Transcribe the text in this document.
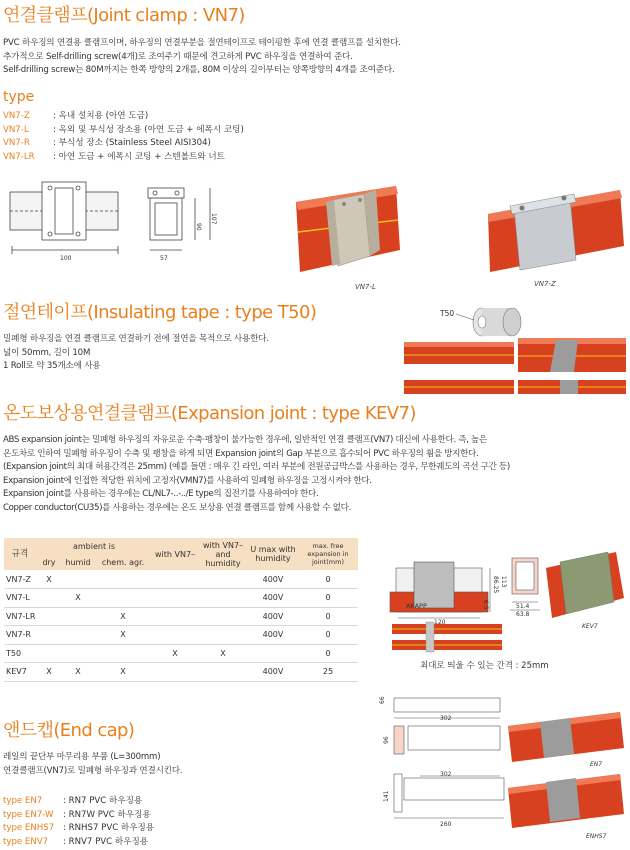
연결클램프(Joint clamp : VN7)
PVC 하우징의 연결용 클램프이며, 하우징의 연결부분을 절연테이프로 테이핑한 후에 연결 클램프를 설치한다.
추가적으로 Self-drilling screw(4개)로 조여주기 때문에 견고하게 PVC 하우징을 연결하여 준다.
Self-drilling screw는 80M까지는 한쪽 방향의 2개를, 80M 이상의 길이부터는 양쪽방향의 4개를 조여준다.
type
VN7-Z	: 옥내 설치용 (아연 도금)
VN7-L	: 옥외 및 부식성 장소용 (아연 도금 + 에폭시 코팅)
VN7-R	: 부식성 장소 (Stainless Steel AISI304)
VN7-LR : 아연 도금 + 에폭시 코팅 + 스텐볼트와 너트
100	57
90
107
VN7-L	VN7-Z
절연테이프(Insulating tape : type T50)
밀폐형 하우징을 연결 클램프로 연결하기 전에 절연을 목적으로 사용한다.
넓이 50mm, 길이 10M
1 Roll로 약 35개소에 사용
T50
온도보상용연결클램프(Expansion joint : type KEV7)
ABS expansion joint는 밀폐형 하우징의 자유로운 수축·팽창이 불가능한 경우에, 일반적인 연결 클램프(VN7) 대신에 사용한다. 즉, 높은
온도차로 인하여 밀폐형 하우징이 수축 및 팽창을 하게 되면 Expansion joint의 Gap 부분으로 흡수되어 PVC 하우징의 휨을 방지한다.
(Expansion joint의 최대 허용간격은 25mm) (예를 들면 : 매우 긴 라인, 여러 부분에 전원공급박스를 사용하는 경우, 무한궤도의 곡선 구간 등)
Expansion joint에 인접한 적당한 위치에 고정자(VMN7)를 사용하여 밀폐형 하우징을 고정시켜야 한다.
Expansion joint를 사용하는 경우에는 CL/NL7-..-../E type의 집전기를 사용하여야 한다.
Copper conductor(CU35)를 사용하는 경우에는 온도 보상용 연결 클램프를 함께 사용할 수 없다.
규격	ambient is			with VN7–	with VN7– and humidity	U max with humidity	max. free expansion in joint(mm)
	dry	humid	chem. agr.				
VN7-Z	X					400V	0
VN7-L		X				400V	0
VN7-LR			X			400V	0
VN7-R			X			400V	0
T50				X	X		0
KEV7	X	X	X			400V	25
AKAPP
120
86.25 113
6.5	51.4
63.8
KEV7
최대로 띄울 수 있는 간격 : 25mm
앤드캡(End cap)
레일의 끝단부 마무리용 부품 (L=300mm)
연결클램프(VN7)로 밀폐형 하우징과 연결시킨다.
type EN7 : RN7 PVC 하우징용
type EN7-W : RN7W PVC 하우징용
type ENHS7 : RNHS7 PVC 하우징용
type ENV7 : RNV7 PVC 하우징용
302
66
96
302
141
260
EN7
ENHS7
